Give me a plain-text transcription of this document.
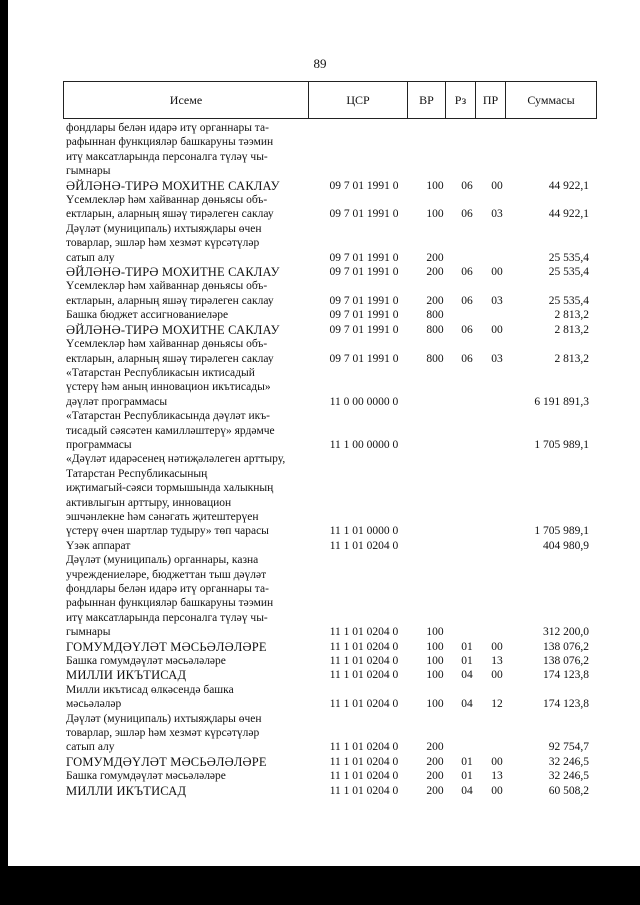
89
Исеме	ЦСР	ВР	Рз	ПР	Суммасы
фондлары белән идарә итү органнары та-
рафыннан функцияләр башкаруны тәэмин
итү максатларында персоналга түләү чы-
гымнары
ӘЙЛӘНӘ-ТИРӘ МОХИТНЕ САКЛАУ	09 7 01 1991 0	100	06	00	44 922,1
Үсемлекләр һәм хайваннар дөньясы объ-
ектларын, аларның яшәү тирәлеген саклау	09 7 01 1991 0	100	06	03	44 922,1
Дәүләт (муниципаль) ихтыяҗлары өчен
товарлар, эшләр һәм хезмәт күрсәтүләр
сатып алу	09 7 01 1991 0	200	25 535,4
ӘЙЛӘНӘ-ТИРӘ МОХИТНЕ САКЛАУ	09 7 01 1991 0	200	06	00	25 535,4
Үсемлекләр һәм хайваннар дөньясы объ-
ектларын, аларның яшәү тирәлеген саклау	09 7 01 1991 0	200	06	03	25 535,4
Башка бюджет ассигнованиеләре	09 7 01 1991 0	800	2 813,2
ӘЙЛӘНӘ-ТИРӘ МОХИТНЕ САКЛАУ	09 7 01 1991 0	800	06	00	2 813,2
Үсемлекләр һәм хайваннар дөньясы объ-
ектларын, аларның яшәү тирәлеген саклау	09 7 01 1991 0	800	06	03	2 813,2
«Татарстан Республикасын иктисадый
үстерү һәм аның инновацион икътисады»
дәүләт программасы	11 0 00 0000 0	6 191 891,3
«Татарстан Республикасында дәүләт икъ-
тисадый сәясәтен камилләштерү» ярдәмче
программасы	11 1 00 0000 0	1 705 989,1
«Дәүләт идарәсенең нәтиҗәләлеген арттыру,
Татарстан Республикасының
иҗтимагый-сәяси тормышында халыкның
активлыгын арттыру, инновацион
эшчәнлекне һәм сәнәгать җитештерүен
үстерү өчен шартлар тудыру» төп чарасы	11 1 01 0000 0	1 705 989,1
Үзәк аппарат	11 1 01 0204 0	404 980,9
Дәүләт (муниципаль) органнары, казна
учреждениеләре, бюджеттан тыш дәүләт
фондлары белән идарә итү органнары та-
рафыннан функцияләр башкаруны тәэмин
итү максатларында персоналга түләү чы-
гымнары	11 1 01 0204 0	100	312 200,0
ГОМУМДӘҮЛӘТ МӘСЬӘЛӘЛӘРЕ	11 1 01 0204 0	100	01	00	138 076,2
Башка гомумдәүләт мәсьәләләре	11 1 01 0204 0	100	01	13	138 076,2
МИЛЛИ ИКЪТИСАД	11 1 01 0204 0	100	04	00	174 123,8
Милли икътисад өлкәсендә башка
мәсьәләләр	11 1 01 0204 0	100	04	12	174 123,8
Дәүләт (муниципаль) ихтыяҗлары өчен
товарлар, эшләр һәм хезмәт күрсәтүләр
сатып алу	11 1 01 0204 0	200	92 754,7
ГОМУМДӘҮЛӘТ МӘСЬӘЛӘЛӘРЕ	11 1 01 0204 0	200	01	00	32 246,5
Башка гомумдәүләт мәсьәләләре	11 1 01 0204 0	200	01	13	32 246,5
МИЛЛИ ИКЪТИСАД	11 1 01 0204 0	200	04	00	60 508,2
